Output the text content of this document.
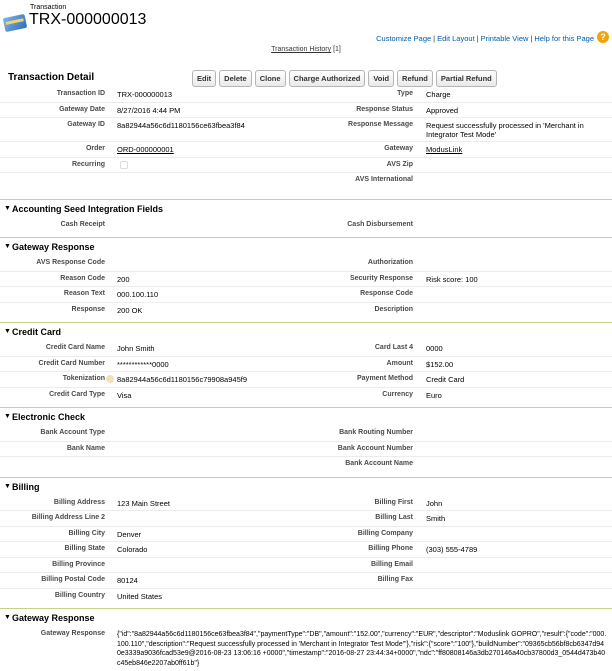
Transaction
TRX-000000013
Customize Page | Edit Layout | Printable View | Help for this Page ?
Transaction History [1]
Transaction Detail	Edit	Delete	Clone	Charge Authorized	Void	Refund	Partial Refund
Transaction ID TRX-000000013	Type Charge
Gateway Date 8/27/2016 4:44 PM	Response Status Approved
Gateway ID 8a82944a56c6d1180156ce63fbea3f84	Response Message Request successfully processed in 'Merchant in Integrator Test Mode'
Order ORD-000000001	Gateway ModusLink
Recurring	AVS Zip
AVS International
▼ Accounting Seed Integration Fields
Cash Receipt	Cash Disbursement
▼ Gateway Response
AVS Response Code	Authorization
Reason Code 200	Security Response Risk score: 100
Reason Text 000.100.110	Response Code
Response 200 OK	Description
▼ Credit Card
Credit Card Name John Smith	Card Last 4 0000
Credit Card Number ************0000	Amount $152.00
Tokenization 8a82944a56c6d1180156c79908a945f9	Payment Method Credit Card
Credit Card Type Visa	Currency Euro
▼ Electronic Check
Bank Account Type	Bank Routing Number
Bank Name	Bank Account Number
Bank Account Name
▼ Billing
Billing Address 123 Main Street	Billing First John
Billing Address Line 2	Billing Last Smith
Billing City Denver	Billing Company
Billing State Colorado	Billing Phone (303) 555-4789
Billing Province	Billing Email
Billing Postal Code 80124	Billing Fax
Billing Country United States
▼ Gateway Response
Gateway Response {"id":"8a82944a56c6d1180156ce63fbea3f84","paymentType":"DB","amount":"152.00","currency":"EUR","descriptor":"Moduslink GOPRO","result":{"code":"000.100.110","description":"Request successfully processed in 'Merchant in Integrator Test Mode'"},"risk":{"score":"100"},"buildNumber":"09365cb56bf8cb6347d940e3339a9036fcad53e9@2016-08-23 13:06:16 +0000","timestamp":"2016-08-27 23:44:34+0000","ndc":"ff80808146a3db270146a40cb37800d3_0544d473b40c45eb846e2207ab0ff61b"}
